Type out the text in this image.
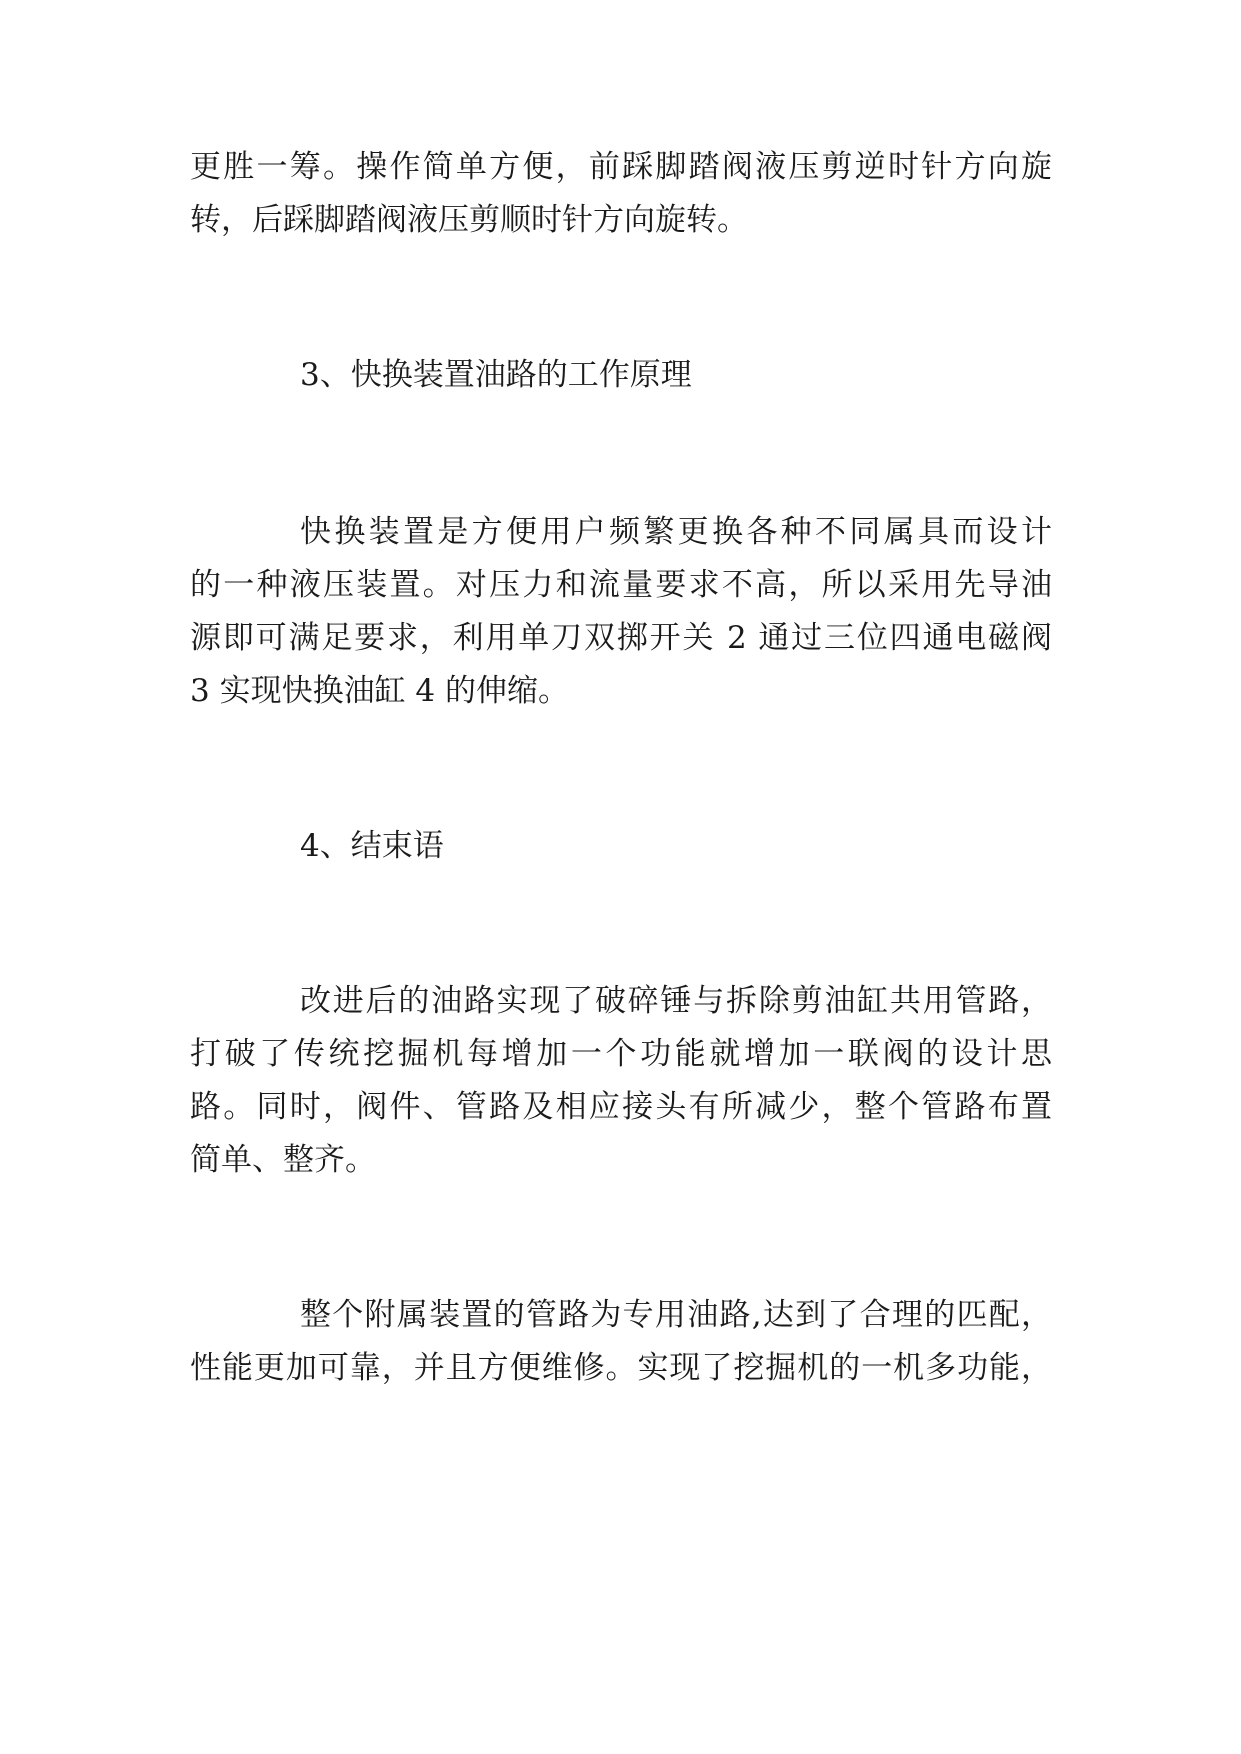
更胜一筹。操作简单方便，前踩脚踏阀液压剪逆时针方向旋
转，后踩脚踏阀液压剪顺时针方向旋转。
3、快换装置油路的工作原理
快换装置是方便用户频繁更换各种不同属具而设计
的一种液压装置。对压力和流量要求不高，所以采用先导油
源即可满足要求，利用单刀双掷开关 2 通过三位四通电磁阀
3 实现快换油缸 4 的伸缩。
4、结束语
改进后的油路实现了破碎锤与拆除剪油缸共用管路，
打破了传统挖掘机每增加一个功能就增加一联阀的设计思
路。同时，阀件、管路及相应接头有所减少，整个管路布置
简单、整齐。
整个附属装置的管路为专用油路,达到了合理的匹配，
性能更加可靠，并且方便维修。实现了挖掘机的一机多功能，
